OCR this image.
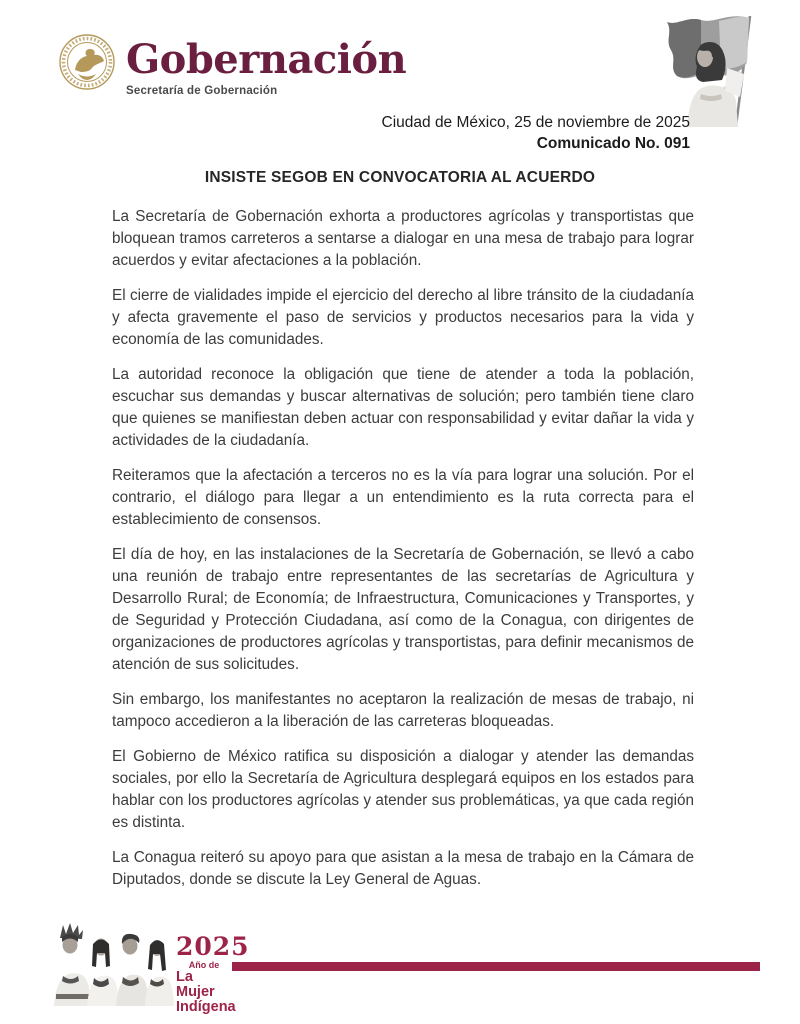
Gobernación
Secretaría de Gobernación
Ciudad de México, 25 de noviembre de 2025
Comunicado No. 091
INSISTE SEGOB EN CONVOCATORIA AL ACUERDO

La Secretaría de Gobernación exhorta a productores agrícolas y transportistas que bloquean tramos carreteros a sentarse a dialogar en una mesa de trabajo para lograr acuerdos y evitar afectaciones a la población.

El cierre de vialidades impide el ejercicio del derecho al libre tránsito de la ciudadanía y afecta gravemente el paso de servicios y productos necesarios para la vida y economía de las comunidades.

La autoridad reconoce la obligación que tiene de atender a toda la población, escuchar sus demandas y buscar alternativas de solución; pero también tiene claro que quienes se manifiestan deben actuar con responsabilidad y evitar dañar la vida y actividades de la ciudadanía.

Reiteramos que la afectación a terceros no es la vía para lograr una solución. Por el contrario, el diálogo para llegar a un entendimiento es la ruta correcta para el establecimiento de consensos.

El día de hoy, en las instalaciones de la Secretaría de Gobernación, se llevó a cabo una reunión de trabajo entre representantes de las secretarías de Agricultura y Desarrollo Rural; de Economía; de Infraestructura, Comunicaciones y Transportes, y de Seguridad y Protección Ciudadana, así como de la Conagua, con dirigentes de organizaciones de productores agrícolas y transportistas, para definir mecanismos de atención de sus solicitudes.

Sin embargo, los manifestantes no aceptaron la realización de mesas de trabajo, ni tampoco accedieron a la liberación de las carreteras bloqueadas.

El Gobierno de México ratifica su disposición a dialogar y atender las demandas sociales, por ello la Secretaría de Agricultura desplegará equipos en los estados para hablar con los productores agrícolas y atender sus problemáticas, ya que cada región es distinta.

La Conagua reiteró su apoyo para que asistan a la mesa de trabajo en la Cámara de Diputados, donde se discute la Ley General de Aguas.

2025
Año de
La Mujer
Indígena
